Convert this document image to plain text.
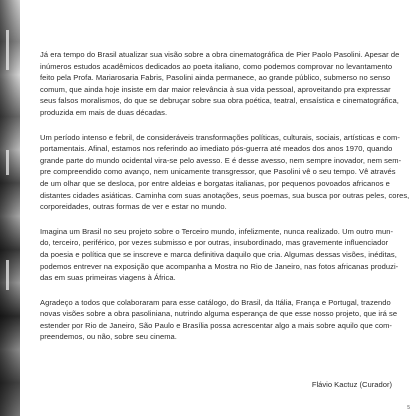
Já era tempo do Brasil atualizar sua visão sobre a obra cinematográfica de Pier Paolo Pasolini. Apesar de
inúmeros estudos acadêmicos dedicados ao poeta italiano, como podemos comprovar no levantamento
feito pela Profa. Mariarosaria Fabris, Pasolini ainda permanece, ao grande público, submerso no senso
comum, que ainda hoje insiste em dar maior relevância à sua vida pessoal, aproveitando pra expressar
seus falsos moralismos, do que se debruçar sobre sua obra poética, teatral, ensaística e cinematográfica,
produzida em mais de duas décadas.

Um período intenso e febril, de consideráveis transformações políticas, culturais, sociais, artísticas e com-
portamentais. Afinal, estamos nos referindo ao imediato pós-guerra até meados dos anos 1970, quando
grande parte do mundo ocidental vira-se pelo avesso. E é desse avesso, nem sempre inovador, nem sem-
pre compreendido como avanço, nem unicamente transgressor, que Pasolini vê o seu tempo. Vê através
de um olhar que se desloca, por entre aldeias e borgatas italianas, por pequenos povoados africanos e
distantes cidades asiáticas. Caminha com suas anotações, seus poemas, sua busca por outras peles, cores,
corporeidades, outras formas de ver e estar no mundo.

Imagina um Brasil no seu projeto sobre o Terceiro mundo, infelizmente, nunca realizado. Um outro mun-
do, terceiro, periférico, por vezes submisso e por outras, insubordinado, mas gravemente influenciador
da poesia e política que se inscreve e marca definitiva daquilo que cria. Algumas dessas visões, inéditas,
podemos entrever na exposição que acompanha a Mostra no Rio de Janeiro, nas fotos africanas produzi-
das em suas primeiras viagens à África.

Agradeço a todos que colaboraram para esse catálogo, do Brasil, da Itália, França e Portugal, trazendo
novas visões sobre a obra pasoliniana, nutrindo alguma esperança de que esse nosso projeto, que irá se
estender por Rio de Janeiro, São Paulo e Brasília possa acrescentar algo a mais sobre aquilo que com-
preendemos, ou não, sobre seu cinema.

Flávio Kactuz (Curador)
5
